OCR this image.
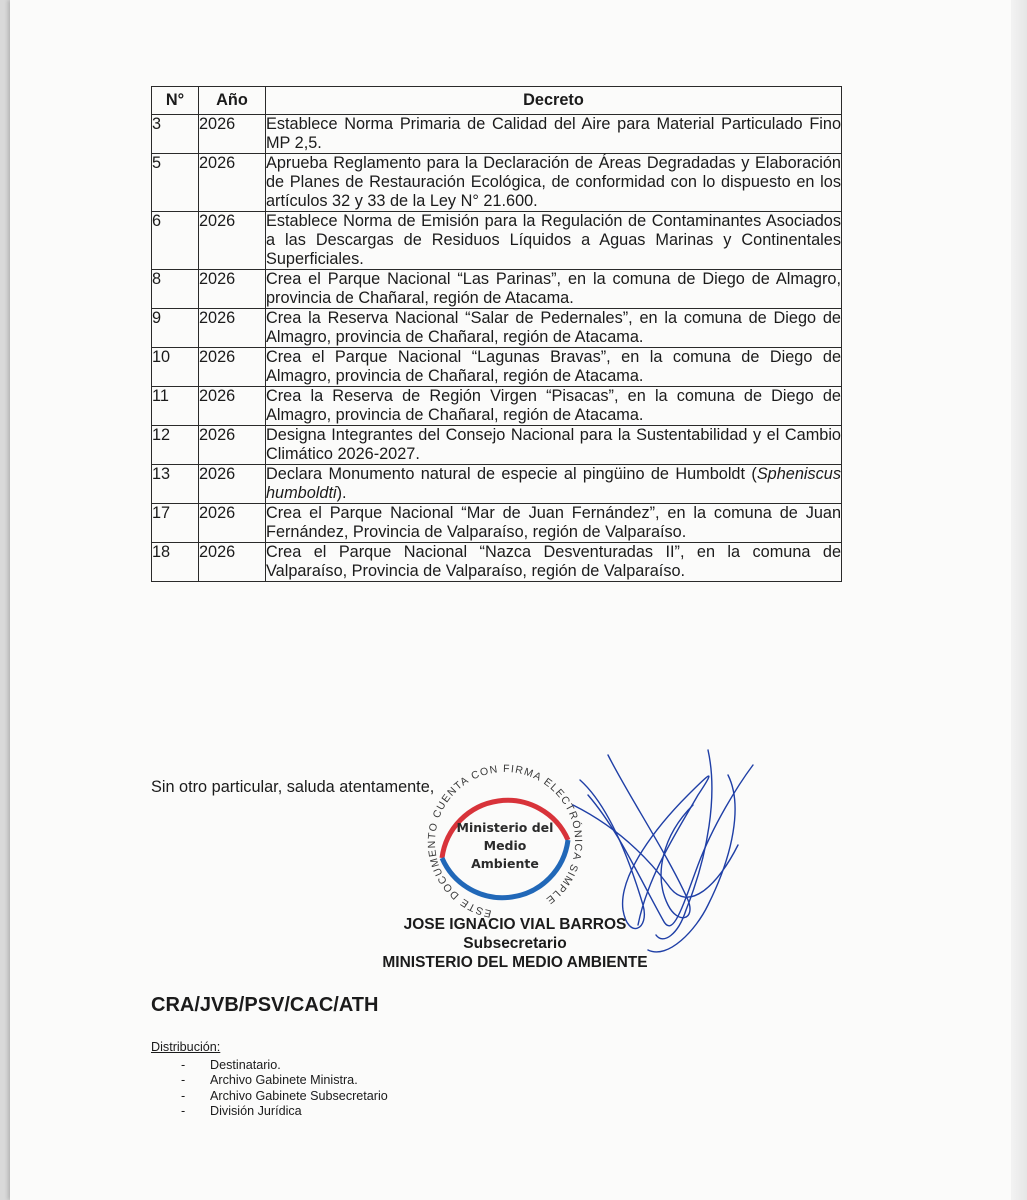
N°	Año	Decreto
3	2026	Establece Norma Primaria de Calidad del Aire para Material Particulado Fino MP 2,5.
5	2026	Aprueba Reglamento para la Declaración de Áreas Degradadas y Elaboración de Planes de Restauración Ecológica, de conformidad con lo dispuesto en los artículos 32 y 33 de la Ley N° 21.600.
6	2026	Establece Norma de Emisión para la Regulación de Contaminantes Asociados a las Descargas de Residuos Líquidos a Aguas Marinas y Continentales Superficiales.
8	2026	Crea el Parque Nacional “Las Parinas”, en la comuna de Diego de Almagro, provincia de Chañaral, región de Atacama.
9	2026	Crea la Reserva Nacional “Salar de Pedernales”, en la comuna de Diego de Almagro, provincia de Chañaral, región de Atacama.
10	2026	Crea el Parque Nacional “Lagunas Bravas”, en la comuna de Diego de Almagro, provincia de Chañaral, región de Atacama.
11	2026	Crea la Reserva de Región Virgen “Pisacas”, en la comuna de Diego de Almagro, provincia de Chañaral, región de Atacama.
12	2026	Designa Integrantes del Consejo Nacional para la Sustentabilidad y el Cambio Climático 2026-2027.
13	2026	Declara Monumento natural de especie al pingüino de Humboldt (Spheniscus humboldti).
17	2026	Crea el Parque Nacional “Mar de Juan Fernández”, en la comuna de Juan Fernández, Provincia de Valparaíso, región de Valparaíso.
18	2026	Crea el Parque Nacional “Nazca Desventuradas II”, en la comuna de Valparaíso, Provincia de Valparaíso, región de Valparaíso.
Sin otro particular, saluda atentamente,
ESTE DOCUMENTO CUENTA CON FIRMA ELECTRÓNICA SIMPLE
Ministerio del
Medio
Ambiente
JOSE IGNACIO VIAL BARROS
Subsecretario
MINISTERIO DEL MEDIO AMBIENTE
CRA/JVB/PSV/CAC/ATH
Distribución:
- Destinatario.
- Archivo Gabinete Ministra.
- Archivo Gabinete Subsecretario
- División Jurídica
